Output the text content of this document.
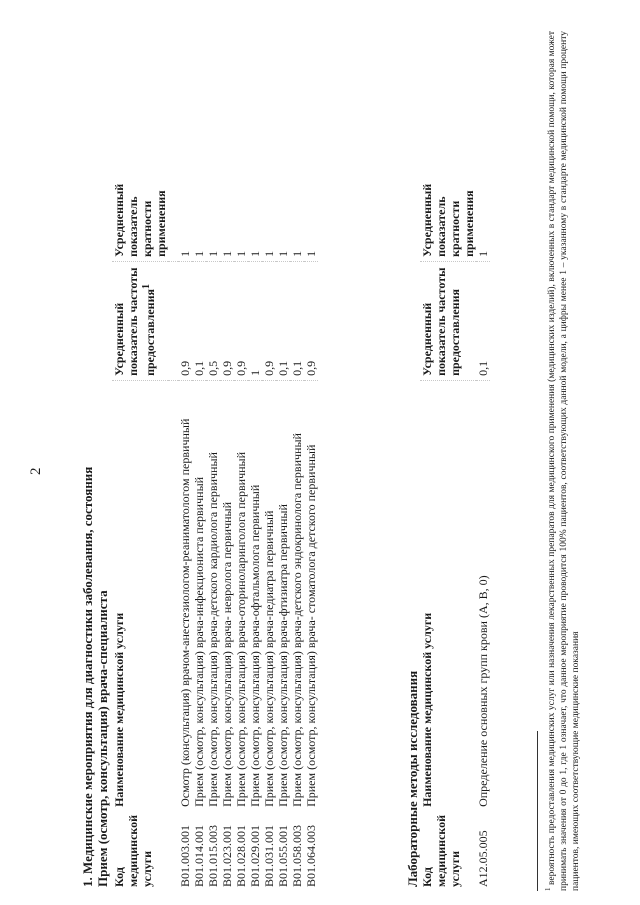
2	1. Медицинские мероприятия для диагностики заболевания, состояния Прием (осмотр, консультация) врача-специалиста Код медицинской услуги	Наименование медицинской услуги	Усредненный показатель частоты предоставления$^1$	Усредненный показатель кратности применения

B01.003.001	Осмотр (консультация) врачом-анестезиологом-реаниматологом первичный	0,9	1
B01.014.001	Прием (осмотр, консультация) врача-инфекциониста первичный	0,1	1
B01.015.003	Прием (осмотр, консультация) врача-детского кардиолога первичный	0,5	1
B01.023.001	Прием (осмотр, консультация) врача- невролога первичный	0,9	1
B01.028.001	Прием (осмотр, консультация) врача-оториноларинголога первичный	0,9	1
B01.029.001	Прием (осмотр, консультация) врача-офтальмолога первичный	1	1
B01.031.001	Прием (осмотр, консультация) врача-педиатра первичный	0,9	1
B01.055.001	Прием (осмотр, консультация) врача-фтизиатра первичный	0,1	1
B01.058.003	Прием (осмотр, консультация) врача-детского эндокринолога первичный	0,1	1
B01.064.003	Прием (осмотр, консультация) врача- стоматолога детского первичный	0,9	1
Лабораторные методы исследования Код медицинской услуги	Наименование медицинской услуги	Усредненный показатель частоты предоставления	Усредненный показатель кратности применения
A12.05.005	Определение основных групп крови (А, В, 0)	0,1	1
$^1$ вероятность предоставления медицинских услуг или назначения лекарственных препаратов для медицинского применения (медицинских изделий), включенных в стандарт медицинской помощи, которая может принимать значения от 0 до 1, где 1 означает, что данное мероприятие проводится 100% пациентов, соответствующих данной модели, а цифры менее 1 – указанному в стандарте медицинской помощи проценту пациентов, имеющих соответствующие медицинские показания
